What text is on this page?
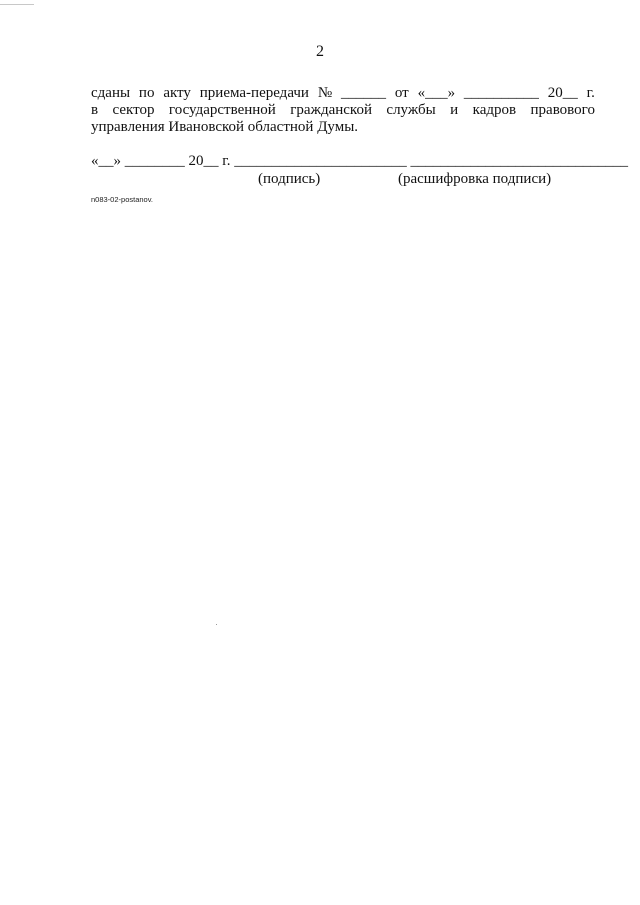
2
сданы по акту приема-передачи № ______ от «___» __________ 20__ г.
в сектор государственной гражданской службы и кадров правового
управления Ивановской областной Думы.
«__» ________ 20__ г. _______________________ _____________________________
(подпись)	(расшифровка подписи)
n083-02-postanov.
